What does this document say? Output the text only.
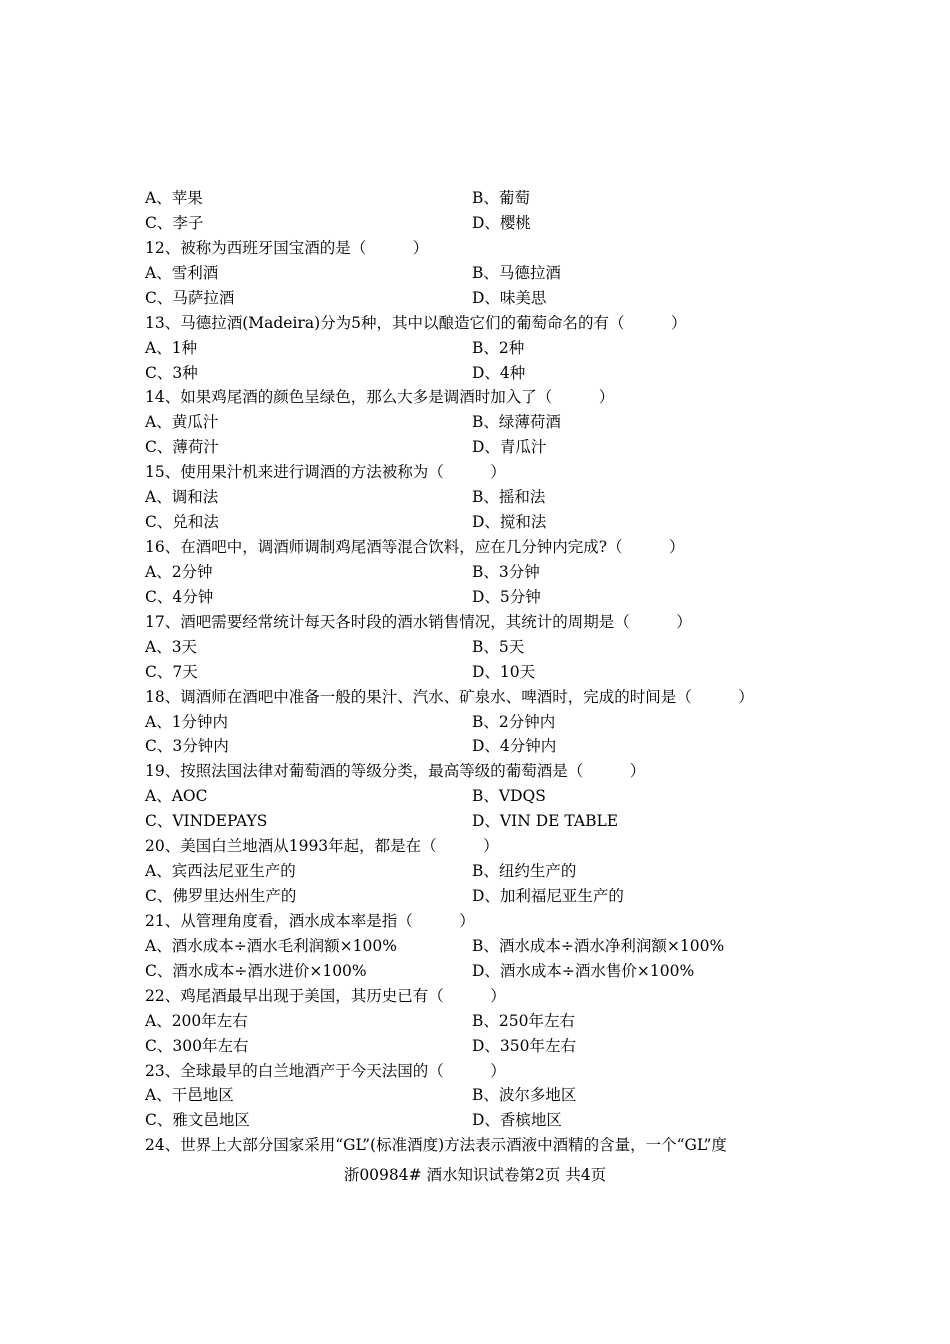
A、苹果	B、葡萄
C、李子	D、樱桃
12、被称为西班牙国宝酒的是（　　　）
A、雪利酒	B、马德拉酒
C、马萨拉酒	D、味美思
13、马德拉酒(Madeira)分为5种，其中以酿造它们的葡萄命名的有（　　　）
A、1种	B、2种
C、3种	D、4种
14、如果鸡尾酒的颜色呈绿色，那么大多是调酒时加入了（　　　）
A、黄瓜汁	B、绿薄荷酒
C、薄荷汁	D、青瓜汁
15、使用果汁机来进行调酒的方法被称为（　　　）
A、调和法	B、摇和法
C、兑和法	D、搅和法
16、在酒吧中，调酒师调制鸡尾酒等混合饮料，应在几分钟内完成?（　　　）
A、2分钟	B、3分钟
C、4分钟	D、5分钟
17、酒吧需要经常统计每天各时段的酒水销售情况，其统计的周期是（　　　）
A、3天	B、5天
C、7天	D、10天
18、调酒师在酒吧中准备一般的果汁、汽水、矿泉水、啤酒时，完成的时间是（　　　）
A、1分钟内	B、2分钟内
C、3分钟内	D、4分钟内
19、按照法国法律对葡萄酒的等级分类，最高等级的葡萄酒是（　　　）
A、AOC	B、VDQS
C、VINDEPAYS	D、VIN DE TABLE
20、美国白兰地酒从1993年起，都是在（　　　）
A、宾西法尼亚生产的	B、纽约生产的
C、佛罗里达州生产的	D、加利福尼亚生产的
21、从管理角度看，酒水成本率是指（　　　）
A、酒水成本÷酒水毛利润额×100%	B、酒水成本÷酒水净利润额×100%
C、酒水成本÷酒水进价×100%	D、酒水成本÷酒水售价×100%
22、鸡尾酒最早出现于美国，其历史已有（　　　）
A、200年左右	B、250年左右
C、300年左右	D、350年左右
23、全球最早的白兰地酒产于今天法国的（　　　）
A、干邑地区	B、波尔多地区
C、雅文邑地区	D、香槟地区
24、世界上大部分国家采用“GL”(标准酒度)方法表示酒液中酒精的含量，一个“GL”度
浙00984# 酒水知识试卷第2页 共4页
